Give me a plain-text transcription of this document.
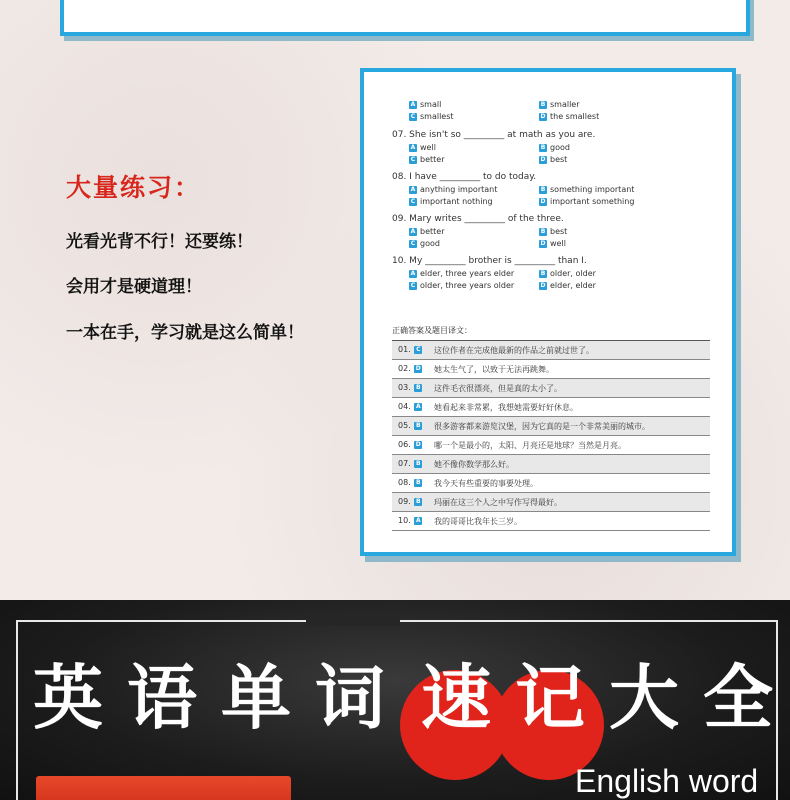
大量练习：
光看光背不行！还要练！
会用才是硬道理！
一本在手，学习就是这么简单！
A small	B smaller
C smallest	D the smallest
07. She isn't so _________ at math as you are.
A well	B good
C better	D best
08. I have _________ to do today.
A anything important	B something important
C important nothing	D important something
09. Mary writes _________ of the three.
A better	B best
C good	D well
10. My _________ brother is _________ than I.
A elder, three years elder	B older, older
C older, three years older	D elder, elder
正确答案及题目译文：
01. C	这位作者在完成他最新的作品之前就过世了。
02. D	她太生气了，以致于无法再跳舞。
03. B	这件毛衣很漂亮，但是真的太小了。
04. A	她看起来非常累，我想她需要好好休息。
05. B	很多游客都来游览汉堡，因为它真的是一个非常美丽的城市。
06. D	哪一个是最小的，太阳、月亮还是地球？当然是月亮。
07. B	她不像你数学那么好。
08. B	我今天有些重要的事要处理。
09. B	玛丽在这三个人之中写作写得最好。
10. A	我的哥哥比我年长三岁。
英 语 单 词 速 记 大 全
English word
